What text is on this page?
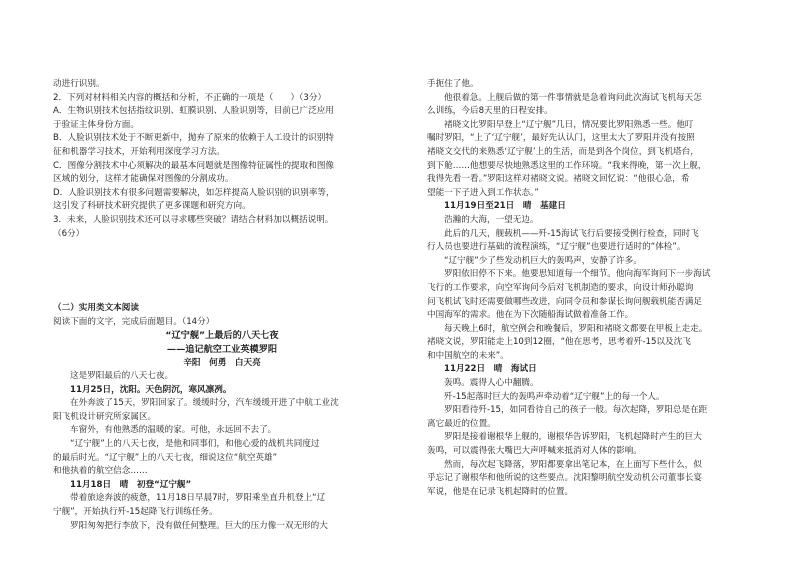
动进行识别。

2．下列对材料相关内容的概括和分析，不正确的一项是（　　）（3分）

A．生物识别技术包括指纹识别、虹膜识别、人脸识别等，目前已广泛应用

于验证主体身份方面。

B．人脸识别技术处于不断更新中，抛弃了原来的依赖于人工设计的识别特

征和机器学习技术，开始利用深度学习方法。

C．图像分割技术中心须解决的最基本问题就是图像特征属性的提取和图像

区域的划分，这样才能确保对图像的分割成功。

D．人脸识别技术有很多问题需要解决，如怎样提高人脸识别的识别率等，

这引发了科研技术研究提供了更多课题和研究方向。

3．未来，人脸识别技术还可以寻求哪些突破？请结合材料加以概括说明。

（6分）

（二）实用类文本阅读

阅读下面的文字，完成后面题目。（14分）

“辽宁舰”上最后的八天七夜

——追记航空工业英模罗阳

辛阳　何勇　白天亮

这是罗阳最后的八天七夜。

11月25日，沈阳。天色阴沉，寒风凛冽。

在外奔波了15天，罗阳回家了。缓缓时分，汽车缓缓开进了中航工业沈

阳飞机设计研究所家属区。

车窗外，有他熟悉的温暖的家。可他，永远回不去了。

“辽宁舰”上的八天七夜，是他和同事们，和他心爱的战机共同度过

的最后时光。“辽宁舰”上的八天七夜，细说这位“航空英雄”

和他执着的航空信念……

11月18日　晴　初登“辽宁舰”

带着旅途奔波的疲惫，11月18日早晨7时，罗阳乘坐直升机登上“辽

宁舰”，开始执行歼-15起降飞行训练任务。

罗阳匆匆把行李放下，没有做任何整理。巨大的压力像一双无形的大

手扼住了他。

他很着急。上舰后做的第一件事情就是急着询问此次海试飞机每天怎

么训练，今后8天里的日程安排。

褚晓文比罗阳早登上“辽宁舰”几日，情况要比罗阳熟悉一些。他叮

嘱时罗阳，“上了‘辽宁舰’，最好先认认门，这里太大了罗阳并没有按照

褚晓文交代的来熟悉‘辽宁舰’上的生活，而是到各个岗位，到飞机塔台，

到下舱……他想要尽快地熟悉这里的工作环境。“我来得晚，第一次上舰，

我得先看一看。”罗阳这样对褚晓文说。褚晓文回忆说：“他很心急，希

望能一下子进入到工作状态。”

11月19日至21日　晴　基建日

浩瀚的大海，一望无边。

此后的几天，舰载机——歼-15海试飞行后要接受例行检查，同时飞

行人员也要进行基础的流程演练，“辽宁舰”也要进行适时的“体检”。

“辽宁舰”少了些发动机巨大的轰鸣声，安静了许多。

罗阳依旧停不下来。他要思知道每一个细节。他向海军询问下一步海试

飞行的工作要求，向空军询问今后对飞机制造的要求，向设计师孙聪询

问飞机试飞时还需要做哪些改进，向同令员和参谋长询问舰载机能否满足

中国海军的需求。他在为下次随船海试做着准备工作。

每天晚上6时，航空例会和晚餐后，罗阳和褚晓文都要在甲板上走走。

褚晓文说，罗阳能走上10到12圈，“他在思考，思考着歼-15以及沈飞

和中国航空的未来”。

11月22日　晴　海试日

轰鸣。震得人心中翻腾。

歼-15起落时巨大的轰鸣声牵动着“辽宁舰”上的每一个人。

罗阳看待歼-15，如同看待自己的孩子一般。每次起降，罗阳总是在距

离它最近的位置。

罗阳是接着谢根华上舰的，谢根华告诉罗阳，飞机起降时产生的巨大

轰鸣，可以震得张大嘴巴大声呼喊来抵消对人体的影响。

然而，每次起飞降落，罗阳都要拿出笔记本，在上面写下些什么，似

乎忘记了谢根华和他所说的这些要点。沈阳黎明航空发动机公司董事长宴

军说，他是在记录飞机起降时的位置。
